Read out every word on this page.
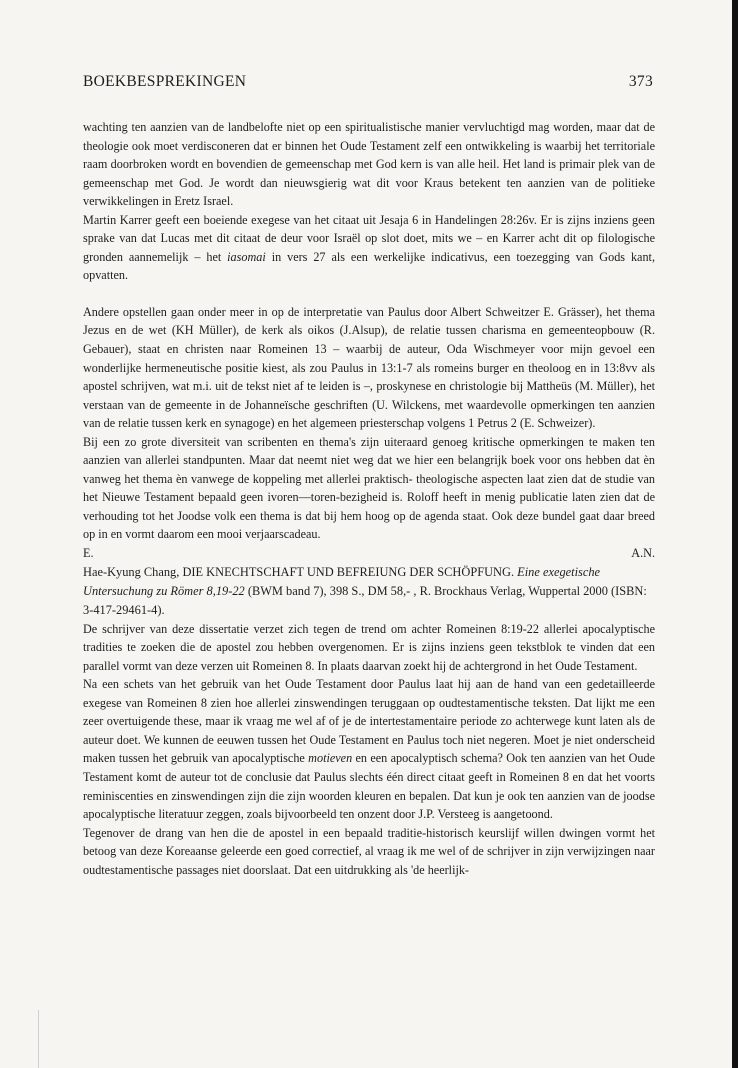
BOEKBESPREKINGEN	373

wachting ten aanzien van de landbelofte niet op een spiritualistische manier vervluchtigd mag worden, maar dat de theologie ook moet verdisconeren dat er binnen het Oude Testament zelf een ontwikkeling is waarbij het territoriale raam doorbroken wordt en bovendien de gemeenschap met God kern is van alle heil. Het land is primair plek van de gemeenschap met God. Je wordt dan nieuwsgierig wat dit voor Kraus betekent ten aanzien van de politieke verwikkelingen in Eretz Israel.

Martin Karrer geeft een boeiende exegese van het citaat uit Jesaja 6 in Handelingen 28:26v. Er is zijns inziens geen sprake van dat Lucas met dit citaat de deur voor Israël op slot doet, mits we – en Karrer acht dit op filologische gronden aannemelijk – het iasomai in vers 27 als een werkelijke indicativus, een toezegging van Gods kant, opvatten.

Andere opstellen gaan onder meer in op de interpretatie van Paulus door Albert Schweitzer E. Grässer), het thema Jezus en de wet (KH Müller), de kerk als oikos (J.Alsup), de relatie tussen charisma en gemeenteopbouw (R. Gebauer), staat en christen naar Romeinen 13 – waarbij de auteur, Oda Wischmeyer voor mijn gevoel een wonderlijke hermeneutische positie kiest, als zou Paulus in 13:1-7 als romeins burger en theoloog en in 13:8vv als apostel schrijven, wat m.i. uit de tekst niet af te leiden is –, proskynese en christologie bij Mattheüs (M. Müller), het verstaan van de gemeente in de Johanneïsche geschriften (U. Wilckens, met waardevolle opmerkingen ten aanzien van de relatie tussen kerk en synagoge) en het algemeen priesterschap volgens 1 Petrus 2 (E. Schweizer).

Bij een zo grote diversiteit van scribenten en thema's zijn uiteraard genoeg kritische opmerkingen te maken ten aanzien van allerlei standpunten. Maar dat neemt niet weg dat we hier een belangrijk boek voor ons hebben dat èn vanweg het thema èn vanwege de koppeling met allerlei praktisch- theologische aspecten laat zien dat de studie van het Nieuwe Testament bepaald geen ivoren—toren-bezigheid is. Roloff heeft in menig publicatie laten zien dat de verhouding tot het Joodse volk een thema is dat bij hem hoog op de agenda staat. Ook deze bundel gaat daar breed op in en vormt daarom een mooi verjaarscadeau.

E.	A.N.

Hae-Kyung Chang, DIE KNECHTSCHAFT UND BEFREIUNG DER SCHÖPFUNG. Eine exegetische Untersuchung zu Römer 8,19-22 (BWM band 7), 398 S., DM 58,- , R. Brockhaus Verlag, Wuppertal 2000 (ISBN: 3-417-29461-4).

De schrijver van deze dissertatie verzet zich tegen de trend om achter Romeinen 8:19-22 allerlei apocalyptische tradities te zoeken die de apostel zou hebben overgenomen. Er is zijns inziens geen tekstblok te vinden dat een parallel vormt van deze verzen uit Romeinen 8. In plaats daarvan zoekt hij de achtergrond in het Oude Testament.

Na een schets van het gebruik van het Oude Testament door Paulus laat hij aan de hand van een gedetailleerde exegese van Romeinen 8 zien hoe allerlei zinswendingen teruggaan op oudtestamentische teksten. Dat lijkt me een zeer overtuigende these, maar ik vraag me wel af of je de intertestamentaire periode zo achterwege kunt laten als de auteur doet. We kunnen de eeuwen tussen het Oude Testament en Paulus toch niet negeren. Moet je niet onderscheid maken tussen het gebruik van apocalyptische motieven en een apocalyptisch schema? Ook ten aanzien van het Oude Testament komt de auteur tot de conclusie dat Paulus slechts één direct citaat geeft in Romeinen 8 en dat het voorts reminiscenties en zinswendingen zijn die zijn woorden kleuren en bepalen. Dat kun je ook ten aanzien van de joodse apocalyptische literatuur zeggen, zoals bijvoorbeeld ten onzent door J.P. Versteeg is aangetoond.

Tegenover de drang van hen die de apostel in een bepaald traditie-historisch keurslijf willen dwingen vormt het betoog van deze Koreaanse geleerde een goed correctief, al vraag ik me wel of de schrijver in zijn verwijzingen naar oudtestamentische passages niet doorslaat. Dat een uitdrukking als 'de heerlijk-
